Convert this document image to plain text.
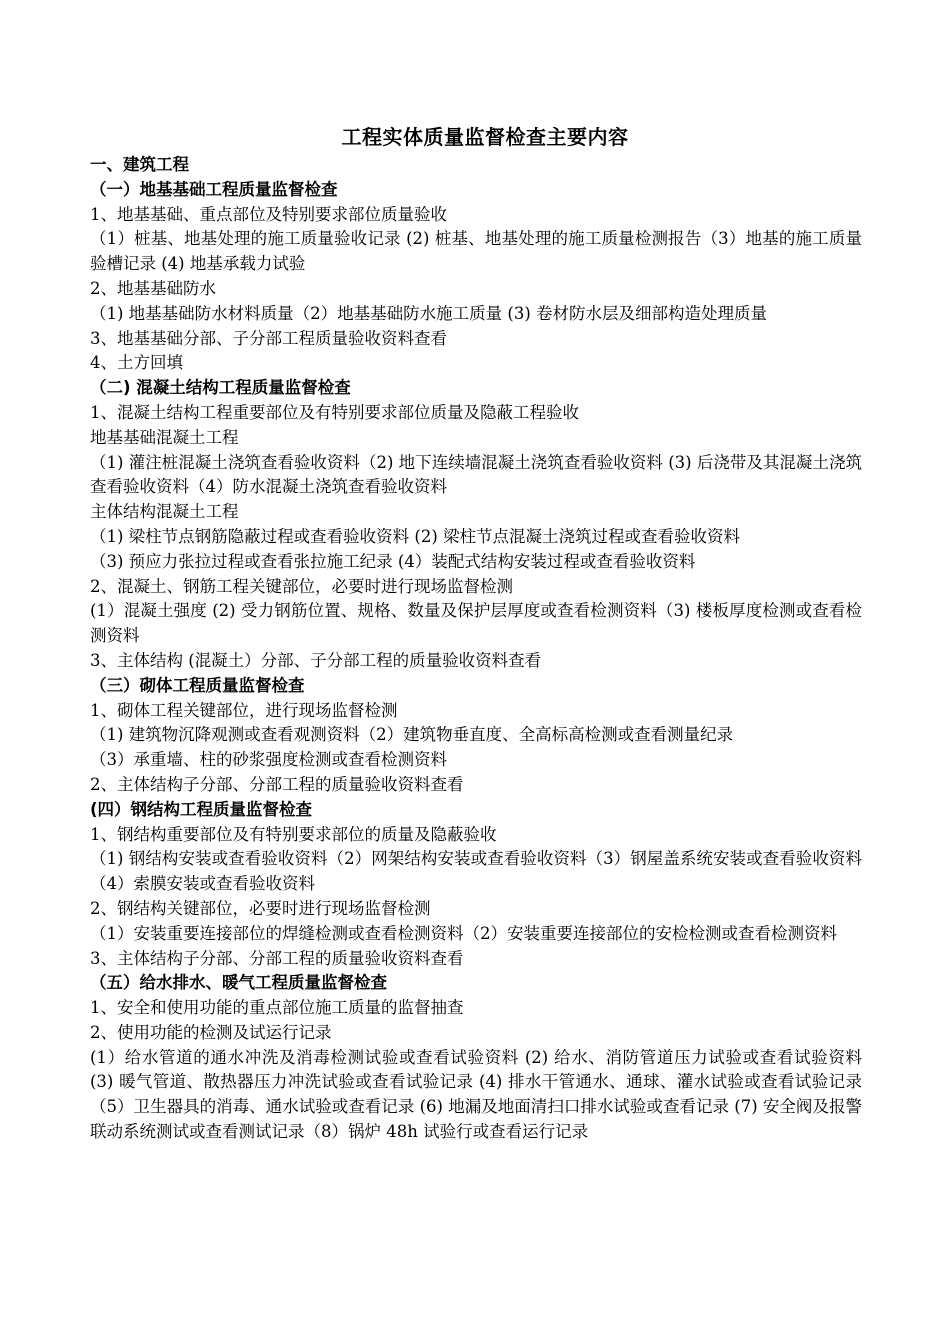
工程实体质量监督检查主要内容
一、建筑工程
（一）地基基础工程质量监督检查
1、地基基础、重点部位及特别要求部位质量验收
（1）桩基、地基处理的施工质量验收记录 (2) 桩基、地基处理的施工质量检测报告（3）地基的施工质量验槽记录 (4) 地基承载力试验
2、地基基础防水
（1) 地基基础防水材料质量（2）地基基础防水施工质量 (3) 卷材防水层及细部构造处理质量
3、地基基础分部、子分部工程质量验收资料查看
4、土方回填
（二) 混凝土结构工程质量监督检查
1、混凝土结构工程重要部位及有特别要求部位质量及隐蔽工程验收
地基基础混凝土工程
（1) 灌注桩混凝土浇筑查看验收资料（2) 地下连续墙混凝土浇筑查看验收资料 (3) 后浇带及其混凝土浇筑查看验收资料（4）防水混凝土浇筑查看验收资料
主体结构混凝土工程
（1) 梁柱节点钢筋隐蔽过程或查看验收资料 (2) 梁柱节点混凝土浇筑过程或查看验收资料
（3) 预应力张拉过程或查看张拉施工纪录 (4）装配式结构安装过程或查看验收资料
2、混凝土、钢筋工程关键部位，必要时进行现场监督检测
(1）混凝土强度 (2) 受力钢筋位置、规格、数量及保护层厚度或查看检测资料（3) 楼板厚度检测或查看检测资料
3、主体结构 (混凝土）分部、子分部工程的质量验收资料查看
（三）砌体工程质量监督检查
1、砌体工程关键部位，进行现场监督检测
（1) 建筑物沉降观测或查看观测资料（2）建筑物垂直度、全高标高检测或查看测量纪录
（3）承重墙、柱的砂浆强度检测或查看检测资料
2、主体结构子分部、分部工程的质量验收资料查看
(四）钢结构工程质量监督检查
1、钢结构重要部位及有特别要求部位的质量及隐蔽验收
（1) 钢结构安装或查看验收资料（2）网架结构安装或查看验收资料（3）钢屋盖系统安装或查看验收资料（4）索膜安装或查看验收资料
2、钢结构关键部位，必要时进行现场监督检测
（1）安装重要连接部位的焊缝检测或查看检测资料（2）安装重要连接部位的安检检测或查看检测资料
3、主体结构子分部、分部工程的质量验收资料查看
（五）给水排水、暖气工程质量监督检查
1、安全和使用功能的重点部位施工质量的监督抽查
2、使用功能的检测及试运行记录
(1）给水管道的通水冲洗及消毒检测试验或查看试验资料 (2) 给水、消防管道压力试验或查看试验资料 (3) 暖气管道、散热器压力冲洗试验或查看试验记录 (4) 排水干管通水、通球、灌水试验或查看试验记录（5）卫生器具的消毒、通水试验或查看记录 (6) 地漏及地面清扫口排水试验或查看记录 (7) 安全阀及报警联动系统测试或查看测试记录（8）锅炉 48h 试验行或查看运行记录
